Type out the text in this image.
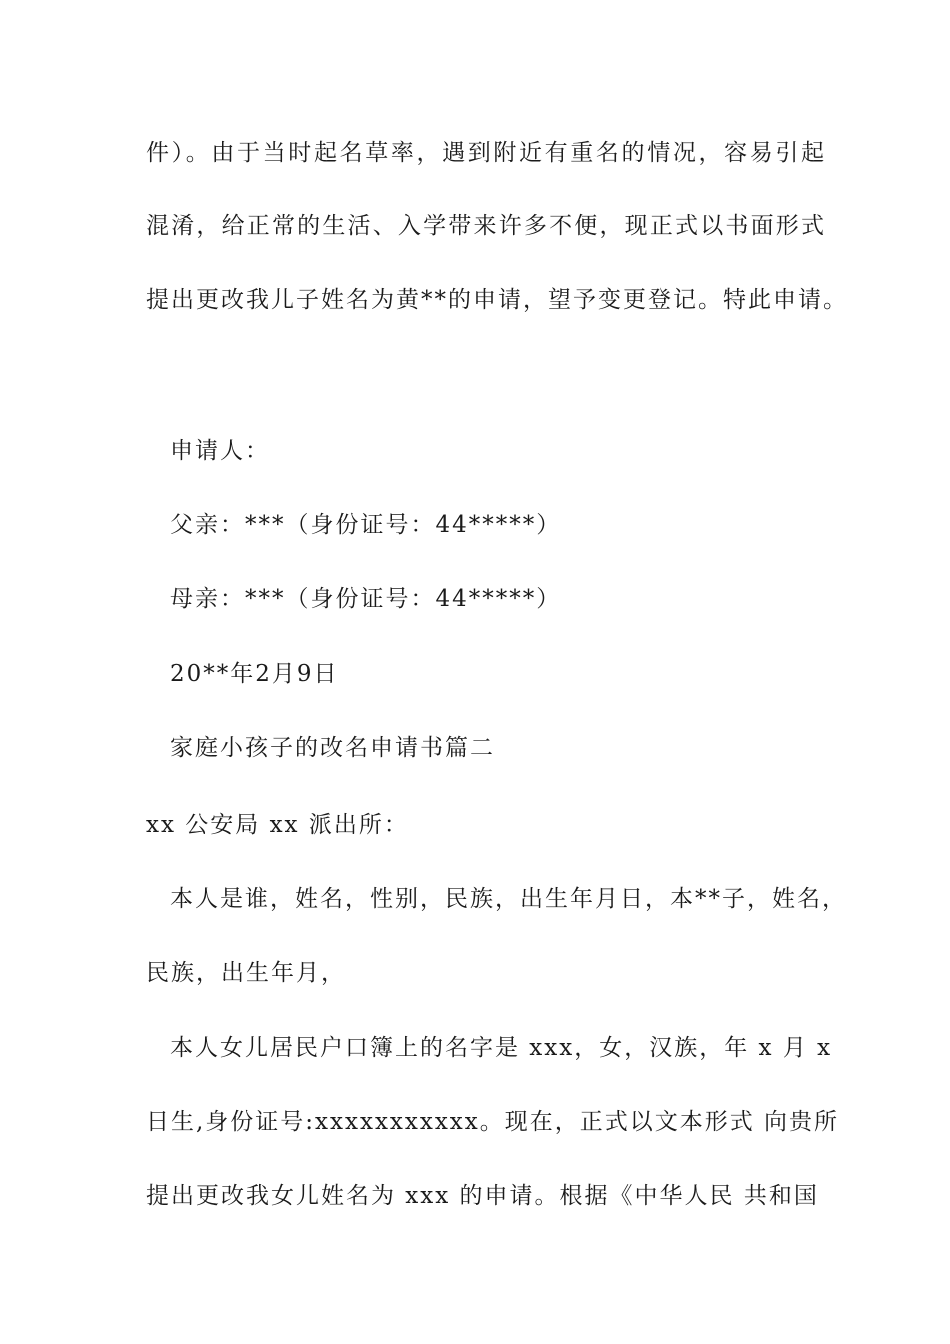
件）。由于当时起名草率，遇到附近有重名的情况，容易引起
混淆，给正常的生活、入学带来许多不便，现正式以书面形式
提出更改我儿子姓名为黄**的申请，望予变更登记。特此申请。
申请人：
父亲：***（身份证号：44*****）
母亲：***（身份证号：44*****）
20**年2月9日
家庭小孩子的改名申请书篇二
xx 公安局 xx 派出所：
本人是谁，姓名，性别，民族，出生年月日，本**子，姓名，
民族，出生年月，
本人女儿居民户口簿上的名字是 xxx，女，汉族，年 x 月 x
日生,身份证号:xxxxxxxxxxx。现在，正式以文本形式 向贵所
提出更改我女儿姓名为 xxx 的申请。根据《中华人民 共和国
